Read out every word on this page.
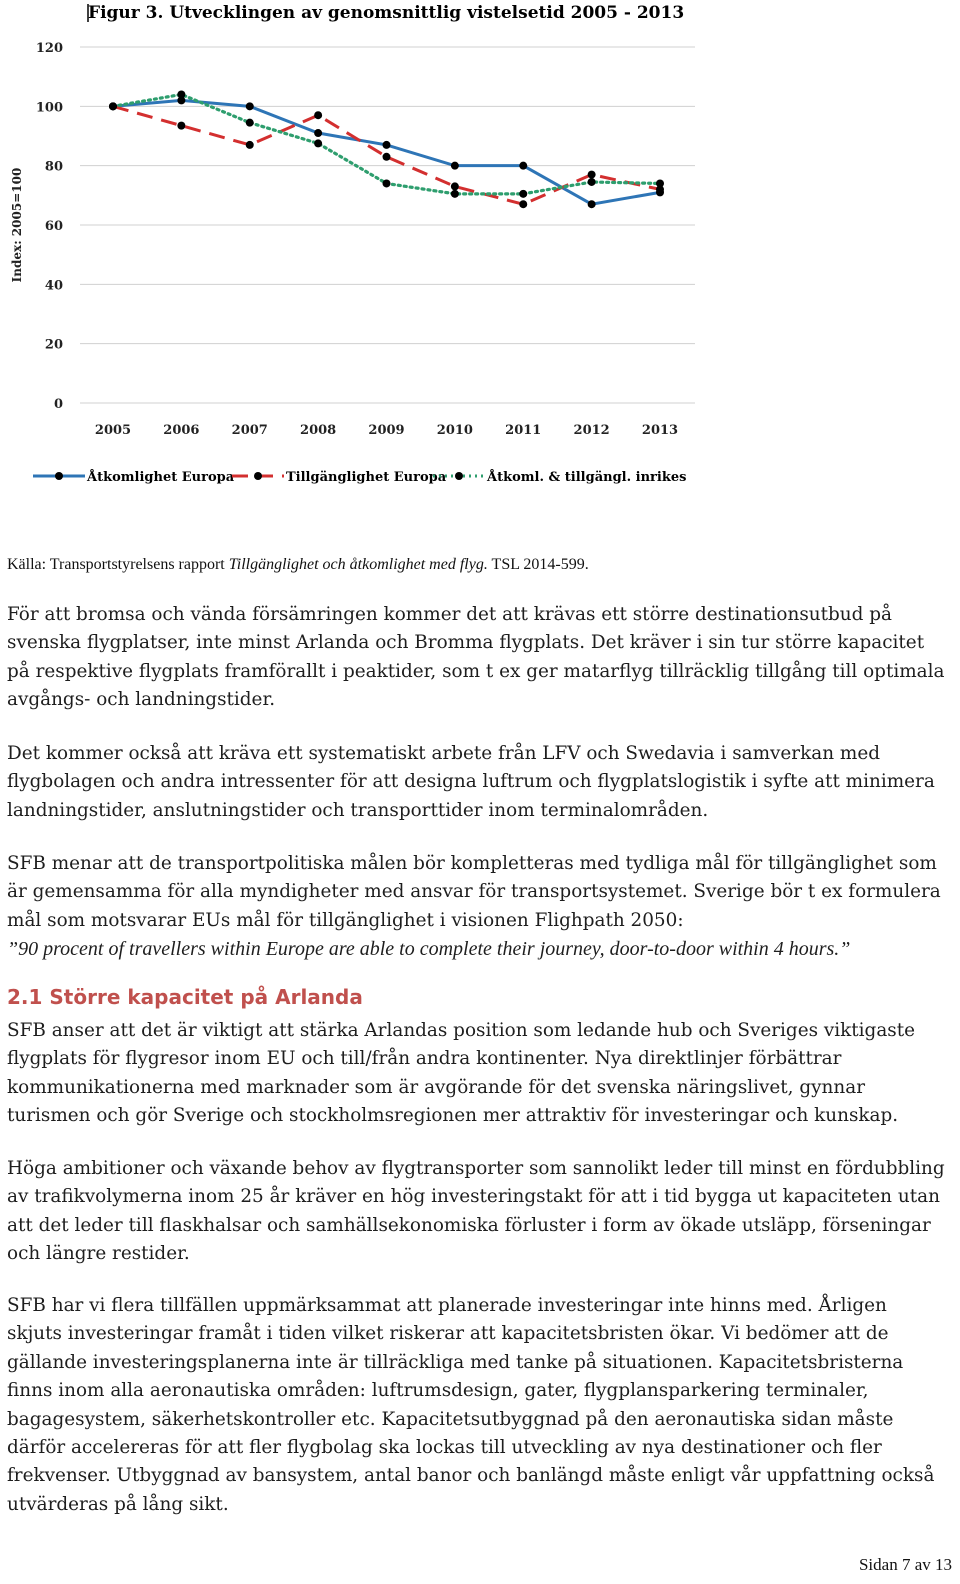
Figur 3. Utvecklingen av genomsnittlig vistelsetid 2005 - 2013
0
20
40
60
80
100
120
2005 2006 2007 2008 2009 2010 2011 2012 2013
Index: 2005=100
Åtkomlighet Europa	Tillgänglighet Europa	Åtkoml. & tillgängl. inrikes
Källa: Transportstyrelsens rapport Tillgänglighet och åtkomlighet med flyg. TSL 2014-599.

För att bromsa och vända försämringen kommer det att krävas ett större destinationsutbud på svenska flygplatser, inte minst Arlanda och Bromma flygplats. Det kräver i sin tur större kapacitet på respektive flygplats framförallt i peaktider, som t ex ger matarflyg tillräcklig tillgång till optimala avgångs- och landningstider.

Det kommer också att kräva ett systematiskt arbete från LFV och Swedavia i samverkan med flygbolagen och andra intressenter för att designa luftrum och flygplatslogistik i syfte att minimera landningstider, anslutningstider och transporttider inom terminalområden.

SFB menar att de transportpolitiska målen bör kompletteras med tydliga mål för tillgänglighet som är gemensamma för alla myndigheter med ansvar för transportsystemet. Sverige bör t ex formulera mål som motsvarar EUs mål för tillgänglighet i visionen Flighpath 2050:
”90 procent of travellers within Europe are able to complete their journey, door-to-door within 4 hours.”

2.1 Större kapacitet på Arlanda

SFB anser att det är viktigt att stärka Arlandas position som ledande hub och Sveriges viktigaste flygplats för flygresor inom EU och till/från andra kontinenter. Nya direktlinjer förbättrar kommunikationerna med marknader som är avgörande för det svenska näringslivet, gynnar turismen och gör Sverige och stockholmsregionen mer attraktiv för investeringar och kunskap.

Höga ambitioner och växande behov av flygtransporter som sannolikt leder till minst en fördubbling av trafikvolymerna inom 25 år kräver en hög investeringstakt för att i tid bygga ut kapaciteten utan att det leder till flaskhalsar och samhällsekonomiska förluster i form av ökade utsläpp, förseningar och längre restider.

SFB har vi flera tillfällen uppmärksammat att planerade investeringar inte hinns med. Årligen skjuts investeringar framåt i tiden vilket riskerar att kapacitetsbristen ökar. Vi bedömer att de gällande investeringsplanerna inte är tillräckliga med tanke på situationen. Kapacitetsbristerna finns inom alla aeronautiska områden: luftrumsdesign, gater, flygplansparkering terminaler, bagagesystem, säkerhetskontroller etc. Kapacitetsutbyggnad på den aeronautiska sidan måste därför accelereras för att fler flygbolag ska lockas till utveckling av nya destinationer och fler frekvenser. Utbyggnad av bansystem, antal banor och banlängd måste enligt vår uppfattning också utvärderas på lång sikt.

Sidan 7 av 13
